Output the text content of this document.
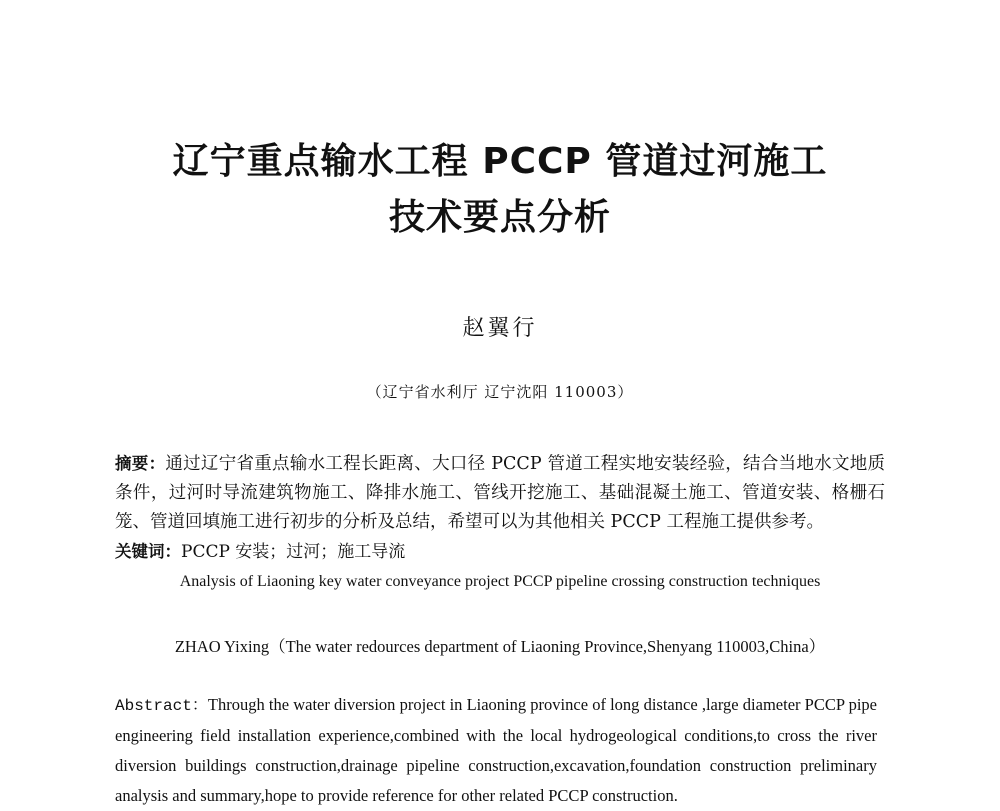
辽宁重点输水工程 PCCP 管道过河施工
技术要点分析
赵翼行
（辽宁省水利厅 辽宁沈阳 110003）

摘要：通过辽宁省重点输水工程长距离、大口径 PCCP 管道工程实地安装经验，结合当地水文地质条件，过河时导流建筑物施工、降排水施工、管线开挖施工、基础混凝土施工、管道安装、格栅石笼、管道回填施工进行初步的分析及总结，希望可以为其他相关 PCCP 工程施工提供参考。

关键词：PCCP 安装；过河；施工导流

Analysis of Liaoning key water conveyance project PCCP pipeline crossing construction techniques

ZHAO Yixing（The water redources department of Liaoning Province,Shenyang 110003,China）

Abstract：Through the water diversion project in Liaoning province of long distance ,large diameter PCCP pipe engineering field installation experience,combined with the local hydrogeological conditions,to cross the river diversion buildings construction,drainage pipeline construction,excavation,foundation construction preliminary analysis and summary,hope to provide reference for other related PCCP construction.
